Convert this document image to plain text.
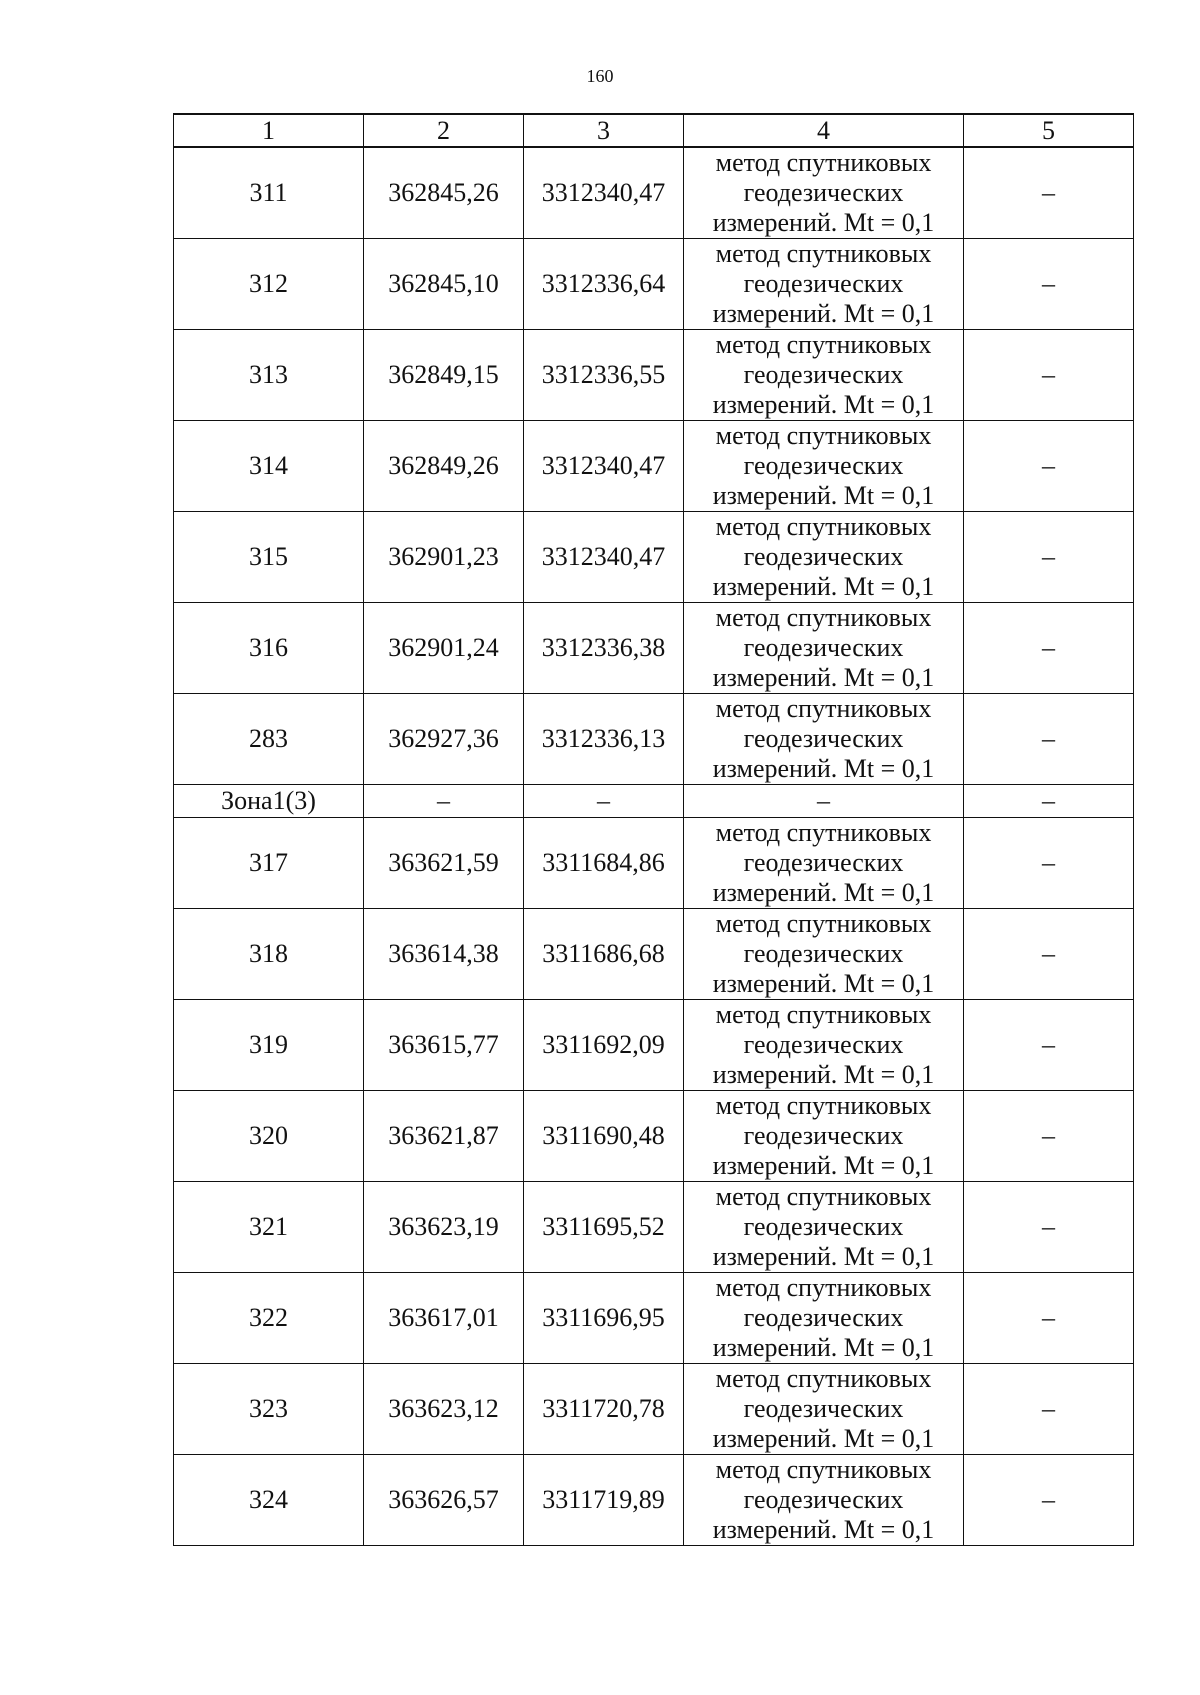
160
1	2	3	4	5
311	362845,26	3312340,47	метод спутниковых
геодезических
измерений. Mt = 0,1	–
312	362845,10	3312336,64	метод спутниковых
геодезических
измерений. Mt = 0,1	–
313	362849,15	3312336,55	метод спутниковых
геодезических
измерений. Mt = 0,1	–
314	362849,26	3312340,47	метод спутниковых
геодезических
измерений. Mt = 0,1	–
315	362901,23	3312340,47	метод спутниковых
геодезических
измерений. Mt = 0,1	–
316	362901,24	3312336,38	метод спутниковых
геодезических
измерений. Mt = 0,1	–
283	362927,36	3312336,13	метод спутниковых
геодезических
измерений. Mt = 0,1	–
Зона1(3)	–	–	–	–
317	363621,59	3311684,86	метод спутниковых
геодезических
измерений. Mt = 0,1	–
318	363614,38	3311686,68	метод спутниковых
геодезических
измерений. Mt = 0,1	–
319	363615,77	3311692,09	метод спутниковых
геодезических
измерений. Mt = 0,1	–
320	363621,87	3311690,48	метод спутниковых
геодезических
измерений. Mt = 0,1	–
321	363623,19	3311695,52	метод спутниковых
геодезических
измерений. Mt = 0,1	–
322	363617,01	3311696,95	метод спутниковых
геодезических
измерений. Mt = 0,1	–
323	363623,12	3311720,78	метод спутниковых
геодезических
измерений. Mt = 0,1	–
324	363626,57	3311719,89	метод спутниковых
геодезических
измерений. Mt = 0,1	–
